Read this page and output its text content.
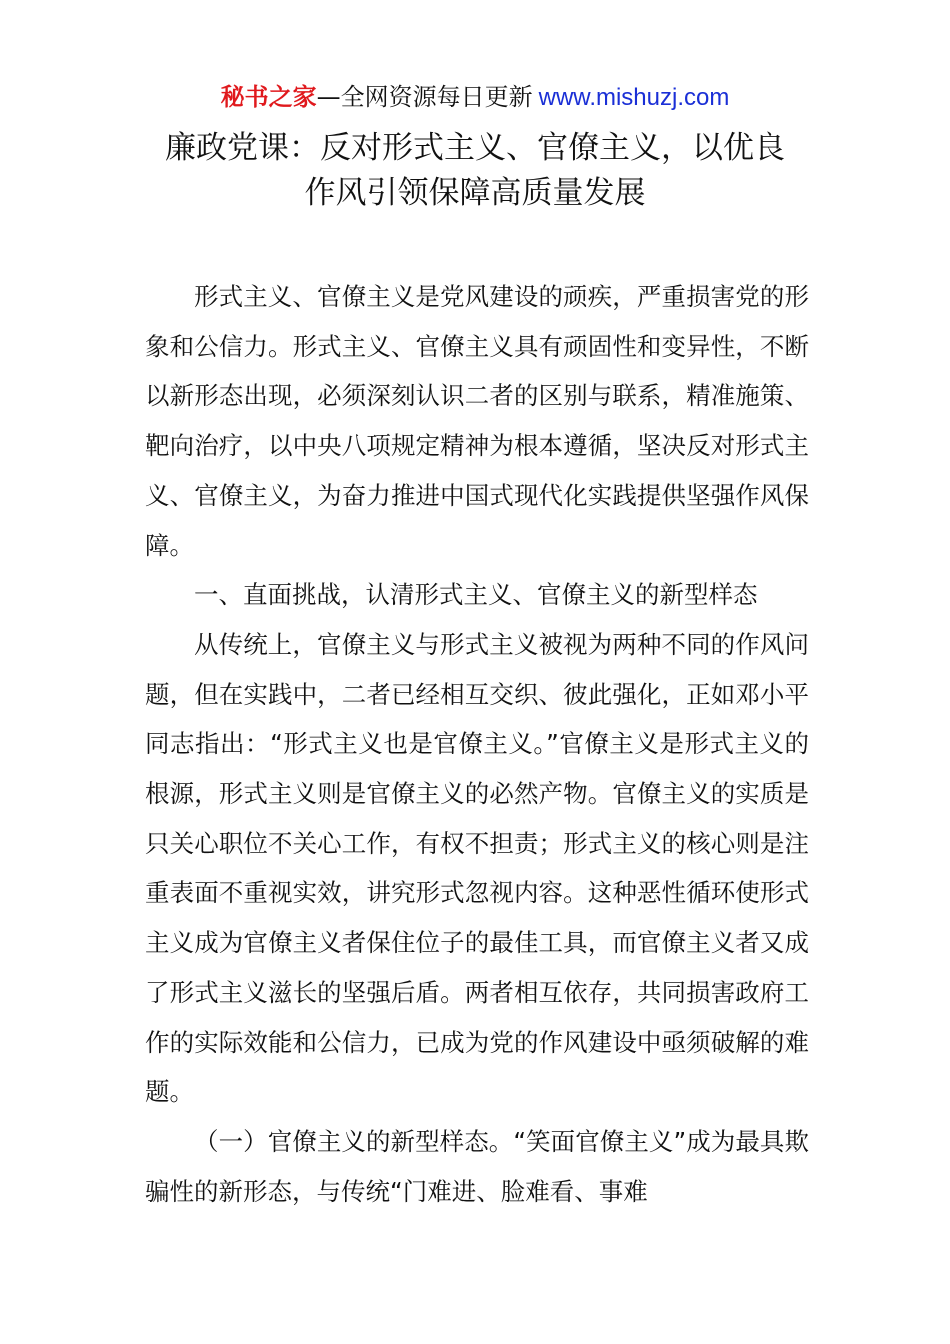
秘书之家—全网资源每日更新 www.mishuzj.com
廉政党课：反对形式主义、官僚主义，以优良
作风引领保障高质量发展

形式主义、官僚主义是党风建设的顽疾，严重损害党的形象和公信力。形式主义、官僚主义具有顽固性和变异性，不断以新形态出现，必须深刻认识二者的区别与联系，精准施策、靶向治疗，以中央八项规定精神为根本遵循，坚决反对形式主义、官僚主义，为奋力推进中国式现代化实践提供坚强作风保障。

一、直面挑战，认清形式主义、官僚主义的新型样态

从传统上，官僚主义与形式主义被视为两种不同的作风问题，但在实践中，二者已经相互交织、彼此强化，正如邓小平同志指出：“形式主义也是官僚主义。”官僚主义是形式主义的根源，形式主义则是官僚主义的必然产物。官僚主义的实质是只关心职位不关心工作，有权不担责；形式主义的核心则是注重表面不重视实效，讲究形式忽视内容。这种恶性循环使形式主义成为官僚主义者保住位子的最佳工具，而官僚主义者又成了形式主义滋长的坚强后盾。两者相互依存，共同损害政府工作的实际效能和公信力，已成为党的作风建设中亟须破解的难题。

（一）官僚主义的新型样态。“笑面官僚主义”成为最具欺骗性的新形态，与传统“门难进、脸难看、事难
